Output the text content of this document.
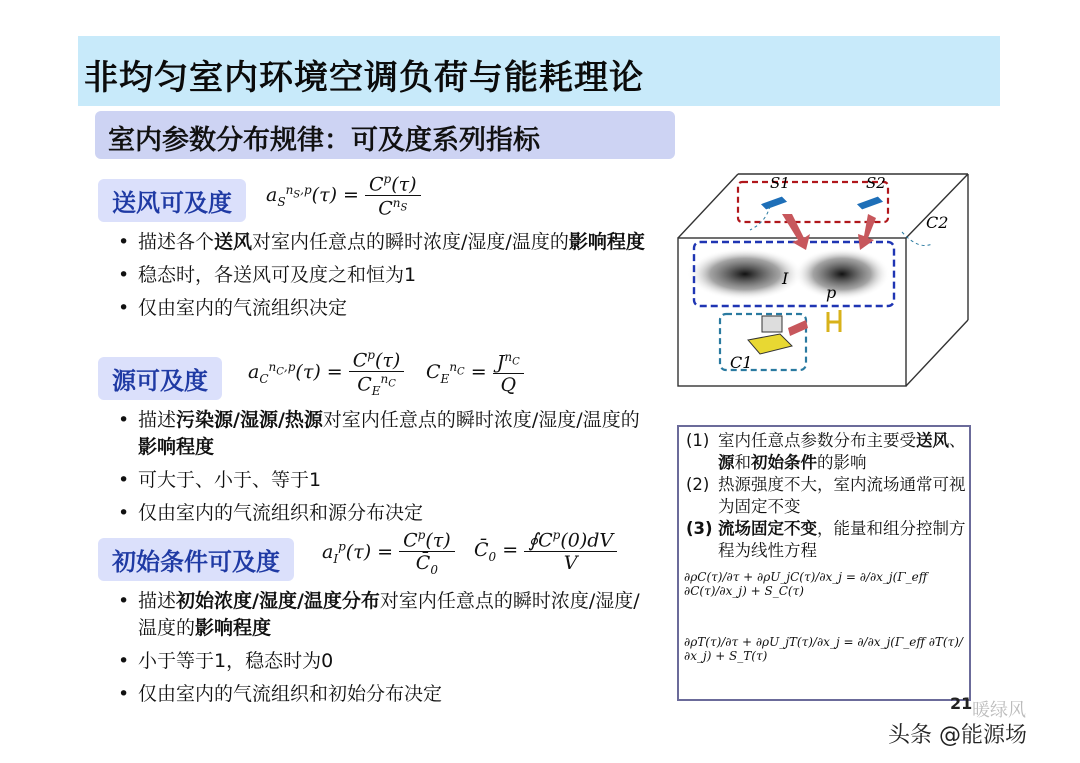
非均匀室内环境空调负荷与能耗理论
室内参数分布规律：可及度系列指标
送风可及度	$a_S^{n_S,p}(\tau) = \frac{C^p(\tau)}{C^{n_S}}$
• 描述各个送风对室内任意点的瞬时浓度/湿度/温度的影响程度
• 稳态时，各送风可及度之和恒为1
• 仅由室内的气流组织决定
源可及度	$a_C^{n_C,p}(\tau) = \frac{C^p(\tau)}{C_E^{n_C}} C_E^{n_C} = \frac{J^{n_C}}{Q}$
• 描述污染源/湿源/热源对室内任意点的瞬时浓度/湿度/温度的影响程度
• 可大于、小于、等于1
• 仅由室内的气流组织和源分布决定
初始条件可及度	$a_I^p(\tau) = \frac{C^p(\tau)}{C̄_0}$ $C̄_0 = \frac{∮C^p(0)dV}{V}$
• 描述初始浓度/湿度/温度分布对室内任意点的瞬时浓度/湿度/温度的影响程度
• 小于等于1，稳态时为0
• 仅由室内的气流组织和初始分布决定
S1	S2
C2
C1
I
p
(1) 室内任意点参数分布主要受送风、源和初始条件的影响
(2) 热源强度不大，室内流场通常可视为固定不变
(3) 流场固定不变，能量和组分控制方程为线性方程
∂ρC(τ)/∂τ + ∂ρU_jC(τ)/∂x_j = ∂/∂x_j(Γ_eff ∂C(τ)/∂x_j) + S_C(τ)
∂ρT(τ)/∂τ + ∂ρU_jT(τ)/∂x_j = ∂/∂x_j(Γ_eff ∂T(τ)/∂x_j) + S_T(τ)
21 暖绿风
头条 @能源场
